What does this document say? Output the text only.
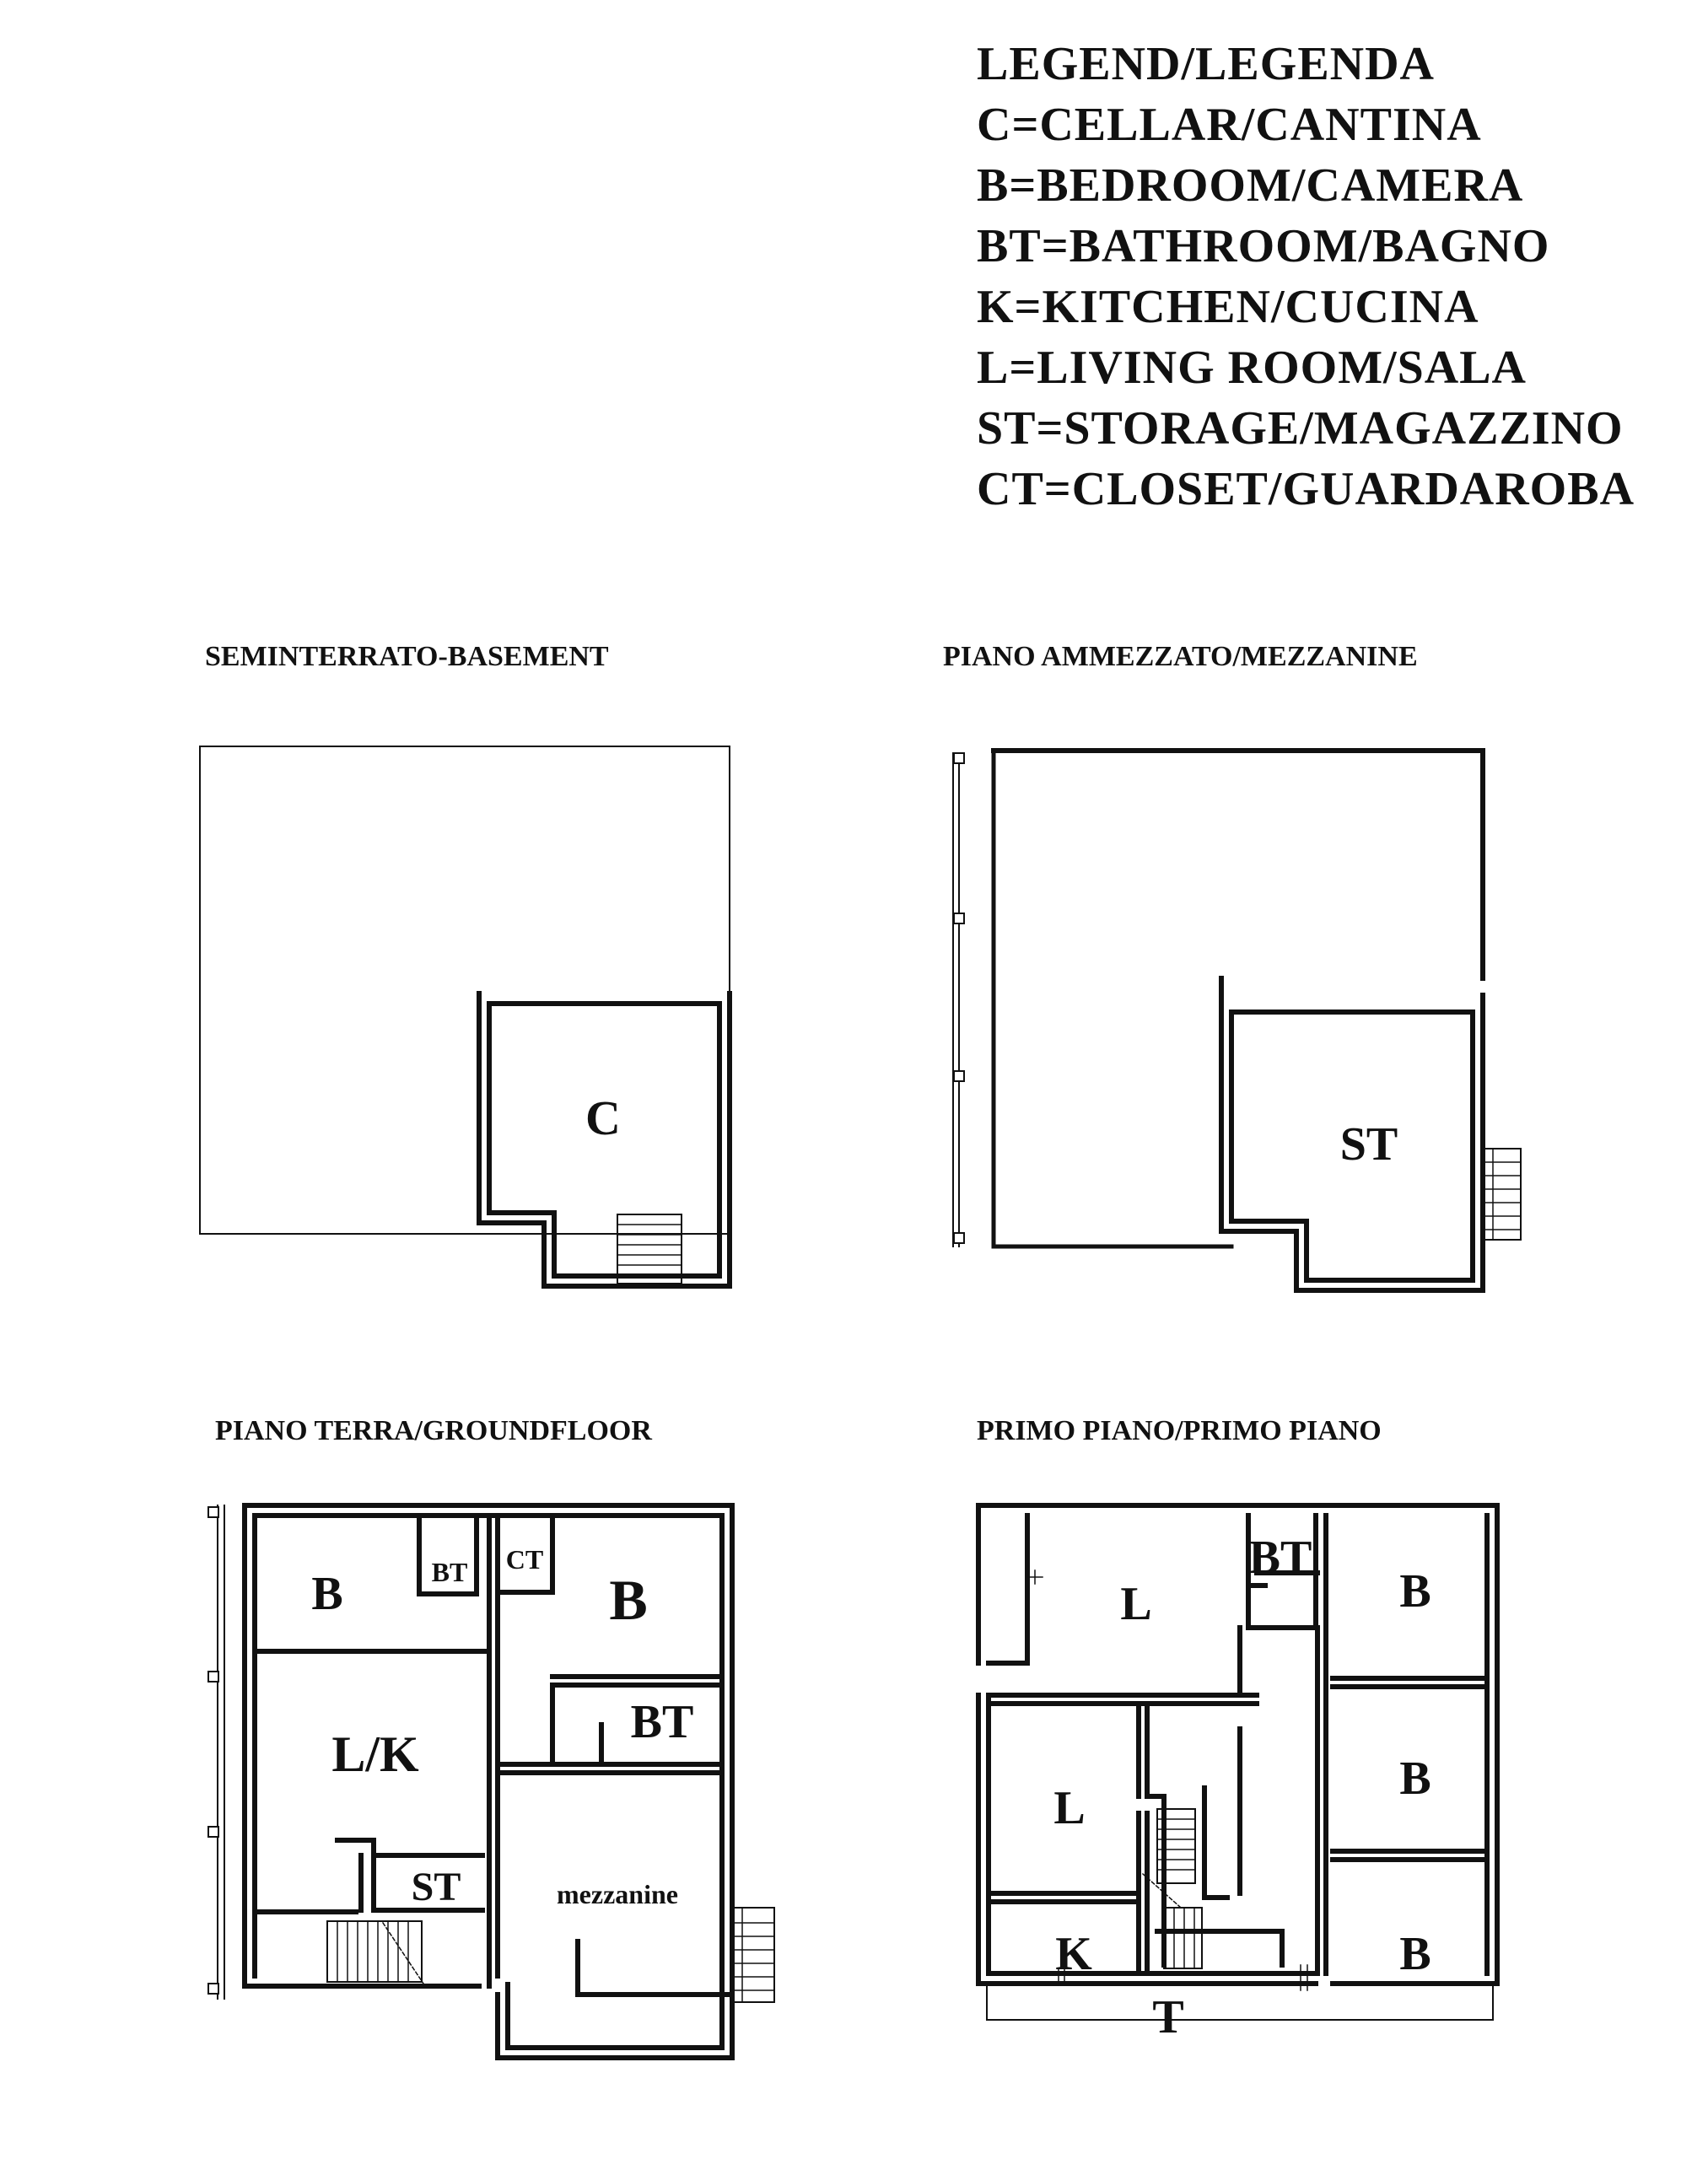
LEGEND/LEGENDA
C=CELLAR/CANTINA
B=BEDROOM/CAMERA
BT=BATHROOM/BAGNO
K=KITCHEN/CUCINA
L=LIVING ROOM/SALA
ST=STORAGE/MAGAZZINO
CT=CLOSET/GUARDAROBA
SEMINTERRATO-BASEMENT	PIANO AMMEZZATO/MEZZANINE
PIANO TERRA/GROUNDFLOOR	PRIMO PIANO/PRIMO PIANO
C	ST
B	BT CT
B
L/K
BT
ST	mezzanine
L
BT
B
L
B
K	B
T
